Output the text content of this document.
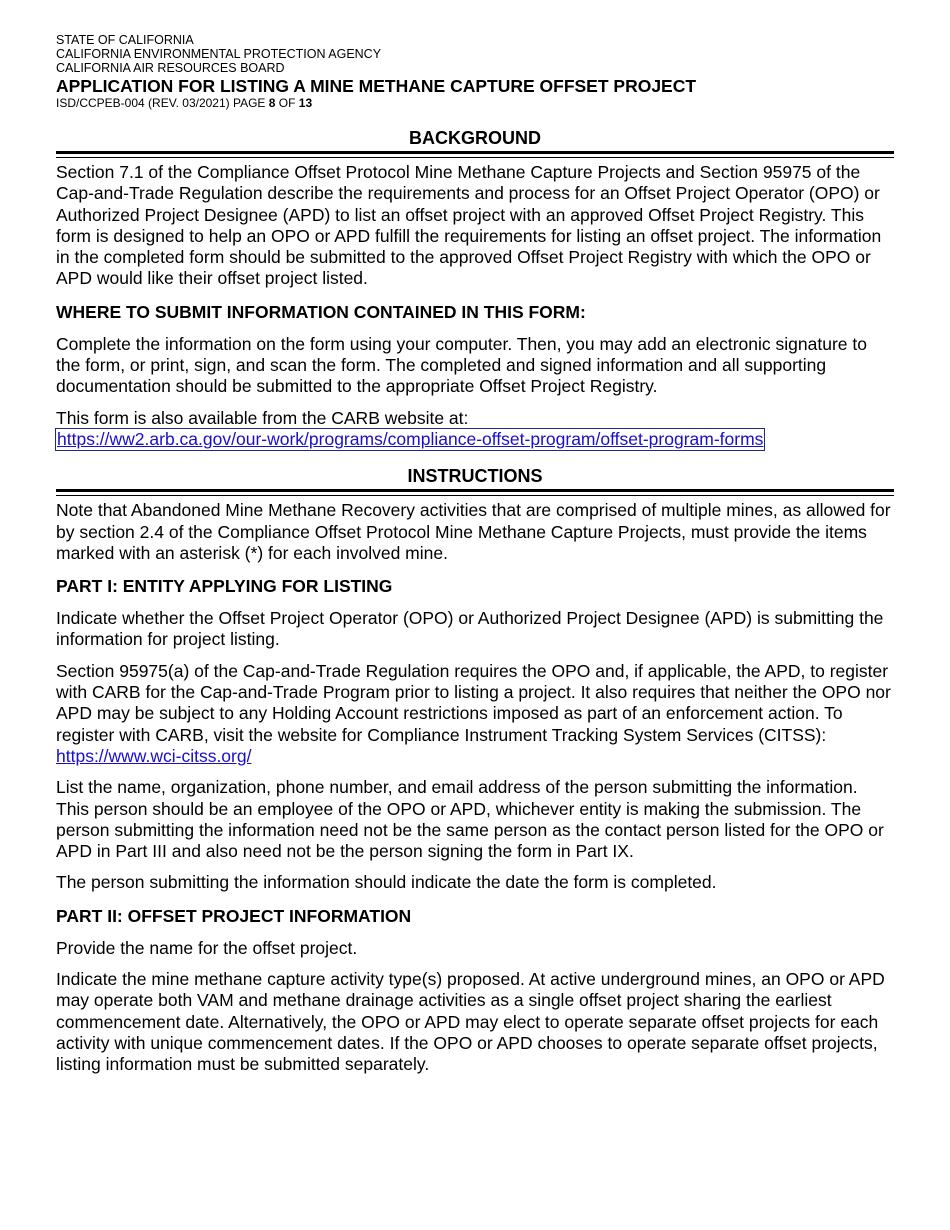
STATE OF CALIFORNIA
CALIFORNIA ENVIRONMENTAL PROTECTION AGENCY
CALIFORNIA AIR RESOURCES BOARD
APPLICATION FOR LISTING A MINE METHANE CAPTURE OFFSET PROJECT
ISD/CCPEB-004 (REV. 03/2021) PAGE 8 OF 13
BACKGROUND

Section 7.1 of the Compliance Offset Protocol Mine Methane Capture Projects and Section 95975 of the Cap-and-Trade Regulation describe the requirements and process for an Offset Project Operator (OPO) or Authorized Project Designee (APD) to list an offset project with an approved Offset Project Registry. This form is designed to help an OPO or APD fulfill the requirements for listing an offset project. The information in the completed form should be submitted to the approved Offset Project Registry with which the OPO or APD would like their offset project listed.

WHERE TO SUBMIT INFORMATION CONTAINED IN THIS FORM:

Complete the information on the form using your computer. Then, you may add an electronic signature to the form, or print, sign, and scan the form. The completed and signed information and all supporting documentation should be submitted to the appropriate Offset Project Registry.

This form is also available from the CARB website at:
https://ww2.arb.ca.gov/our-work/programs/compliance-offset-program/offset-program-forms

INSTRUCTIONS

Note that Abandoned Mine Methane Recovery activities that are comprised of multiple mines, as allowed for by section 2.4 of the Compliance Offset Protocol Mine Methane Capture Projects, must provide the items marked with an asterisk (*) for each involved mine.

PART I: ENTITY APPLYING FOR LISTING

Indicate whether the Offset Project Operator (OPO) or Authorized Project Designee (APD) is submitting the information for project listing.

Section 95975(a) of the Cap-and-Trade Regulation requires the OPO and, if applicable, the APD, to register with CARB for the Cap-and-Trade Program prior to listing a project. It also requires that neither the OPO nor APD may be subject to any Holding Account restrictions imposed as part of an enforcement action. To register with CARB, visit the website for Compliance Instrument Tracking System Services (CITSS): https://www.wci-citss.org/

List the name, organization, phone number, and email address of the person submitting the information. This person should be an employee of the OPO or APD, whichever entity is making the submission. The person submitting the information need not be the same person as the contact person listed for the OPO or APD in Part III and also need not be the person signing the form in Part IX.

The person submitting the information should indicate the date the form is completed.

PART II: OFFSET PROJECT INFORMATION

Provide the name for the offset project.

Indicate the mine methane capture activity type(s) proposed. At active underground mines, an OPO or APD may operate both VAM and methane drainage activities as a single offset project sharing the earliest commencement date. Alternatively, the OPO or APD may elect to operate separate offset projects for each activity with unique commencement dates. If the OPO or APD chooses to operate separate offset projects, listing information must be submitted separately.
